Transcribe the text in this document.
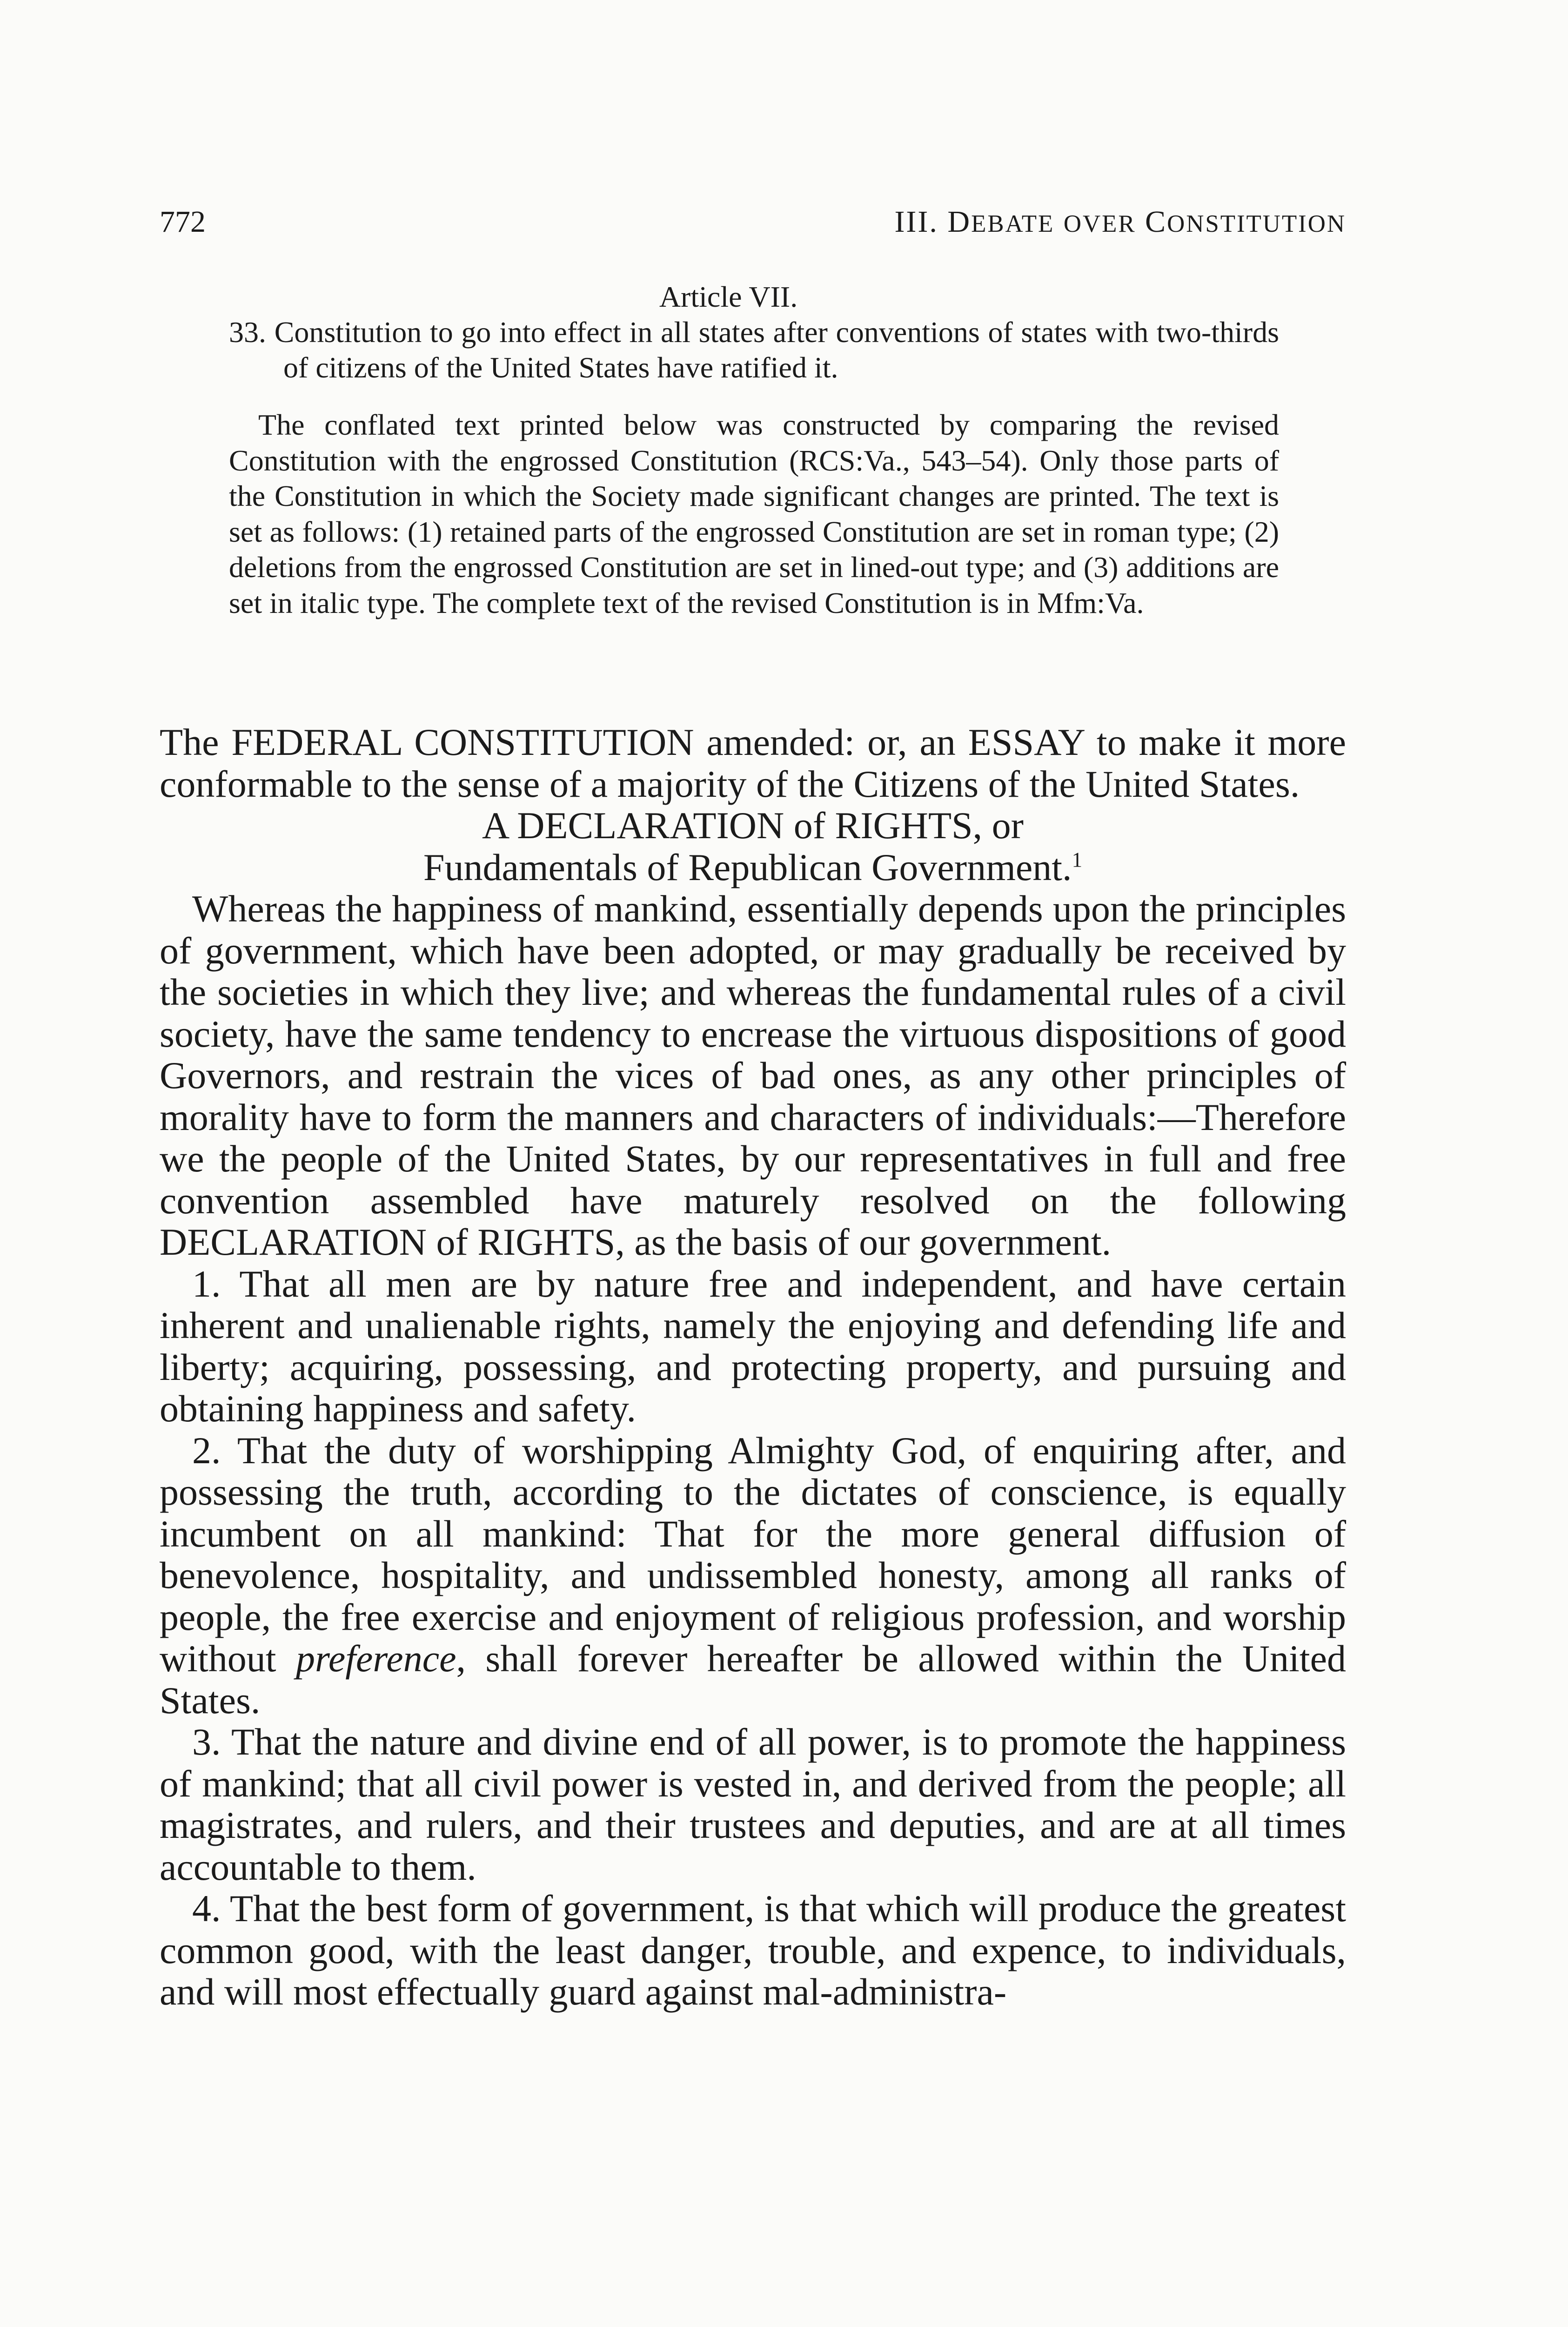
772	III. DEBATE OVER CONSTITUTION

Article VII.

33. Constitution to go into effect in all states after conventions of states with two-thirds of citizens of the United States have ratified it.

The conflated text printed below was constructed by comparing the revised Constitution with the engrossed Constitution (RCS:Va., 543–54). Only those parts of the Constitution in which the Society made significant changes are printed. The text is set as follows: (1) retained parts of the engrossed Constitution are set in roman type; (2) deletions from the engrossed Constitution are set in lined-out type; and (3) additions are set in italic type. The complete text of the revised Constitution is in Mfm:Va.

The FEDERAL CONSTITUTION amended: or, an ESSAY to make it more conformable to the sense of a majority of the Citizens of the United States.

A DECLARATION of RIGHTS, or

Fundamentals of Republican Government.$^1$

Whereas the happiness of mankind, essentially depends upon the principles of government, which have been adopted, or may gradually be received by the societies in which they live; and whereas the fundamental rules of a civil society, have the same tendency to encrease the virtuous dispositions of good Governors, and restrain the vices of bad ones, as any other principles of morality have to form the manners and characters of individuals:—Therefore we the people of the United States, by our representatives in full and free convention assembled have maturely resolved on the following DECLARATION of RIGHTS, as the basis of our government.

1. That all men are by nature free and independent, and have certain inherent and unalienable rights, namely the enjoying and defending life and liberty; acquiring, possessing, and protecting property, and pursuing and obtaining happiness and safety.

2. That the duty of worshipping Almighty God, of enquiring after, and possessing the truth, according to the dictates of conscience, is equally incumbent on all mankind: That for the more general diffusion of benevolence, hospitality, and undissembled honesty, among all ranks of people, the free exercise and enjoyment of religious profession, and worship without preference, shall forever hereafter be allowed within the United States.

3. That the nature and divine end of all power, is to promote the happiness of mankind; that all civil power is vested in, and derived from the people; all magistrates, and rulers, and their trustees and deputies, and are at all times accountable to them.

4. That the best form of government, is that which will produce the greatest common good, with the least danger, trouble, and expence, to individuals, and will most effectually guard against mal-administra-
